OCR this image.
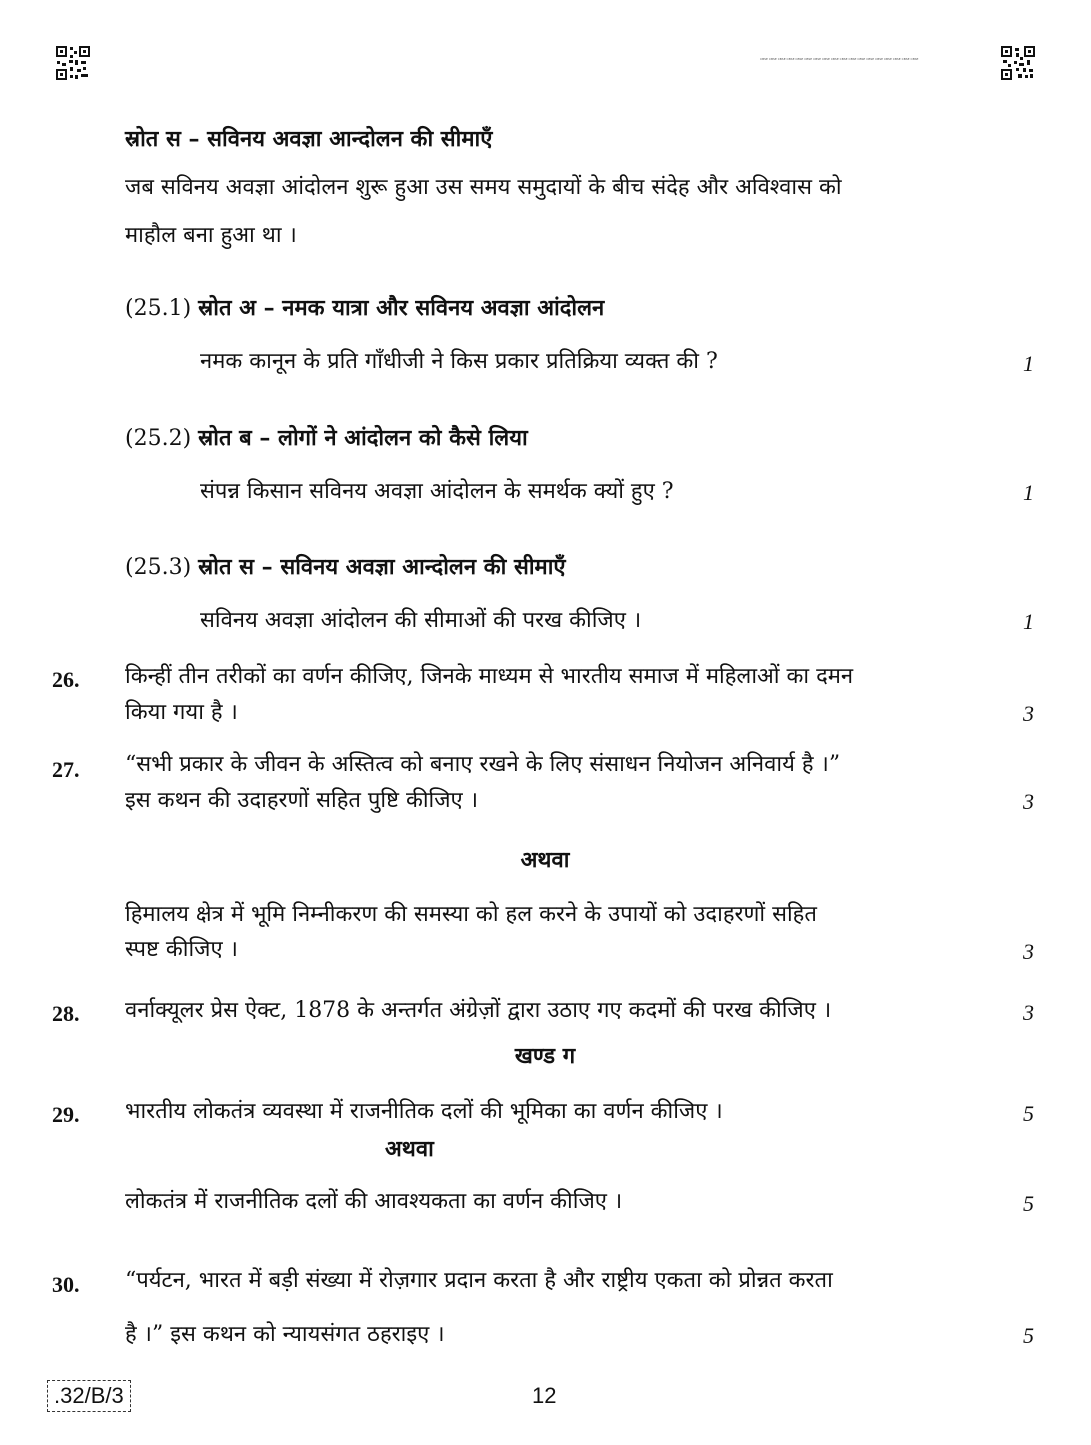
CBSE CBSE CBSE CBSE CBSE CBSE CBSE CBSE CBSE CBSE CBSE CBSE CBSE CBSE CBSE CBSE CBSE CBSE
स्रोत स – सविनय अवज्ञा आन्दोलन की सीमाएँ
जब सविनय अवज्ञा आंदोलन शुरू हुआ उस समय समुदायों के बीच संदेह और अविश्वास को
माहौल बना हुआ था ।
(25.1) स्रोत अ – नमक यात्रा और सविनय अवज्ञा आंदोलन
नमक कानून के प्रति गाँधीजी ने किस प्रकार प्रतिक्रिया व्यक्त की ?	1
(25.2) स्रोत ब – लोगों ने आंदोलन को कैसे लिया
संपन्न किसान सविनय अवज्ञा आंदोलन के समर्थक क्यों हुए ?	1
(25.3) स्रोत स – सविनय अवज्ञा आन्दोलन की सीमाएँ
सविनय अवज्ञा आंदोलन की सीमाओं की परख कीजिए ।	1
26. किन्हीं तीन तरीकों का वर्णन कीजिए, जिनके माध्यम से भारतीय समाज में महिलाओं का दमन
किया गया है ।	3
27. “सभी प्रकार के जीवन के अस्तित्व को बनाए रखने के लिए संसाधन नियोजन अनिवार्य है ।”
इस कथन की उदाहरणों सहित पुष्टि कीजिए ।	3
अथवा
हिमालय क्षेत्र में भूमि निम्नीकरण की समस्या को हल करने के उपायों को उदाहरणों सहित
स्पष्ट कीजिए ।	3
28. वर्नाक्यूलर प्रेस ऐक्ट, 1878 के अन्तर्गत अंग्रेज़ों द्वारा उठाए गए कदमों की परख कीजिए ।	3
खण्ड ग
29. भारतीय लोकतंत्र व्यवस्था में राजनीतिक दलों की भूमिका का वर्णन कीजिए ।	5
अथवा
लोकतंत्र में राजनीतिक दलों की आवश्यकता का वर्णन कीजिए ।	5
30. “पर्यटन, भारत में बड़ी संख्या में रोज़गार प्रदान करता है और राष्ट्रीय एकता को प्रोन्नत करता
है ।” इस कथन को न्यायसंगत ठहराइए ।	5
.32/B/3	12
